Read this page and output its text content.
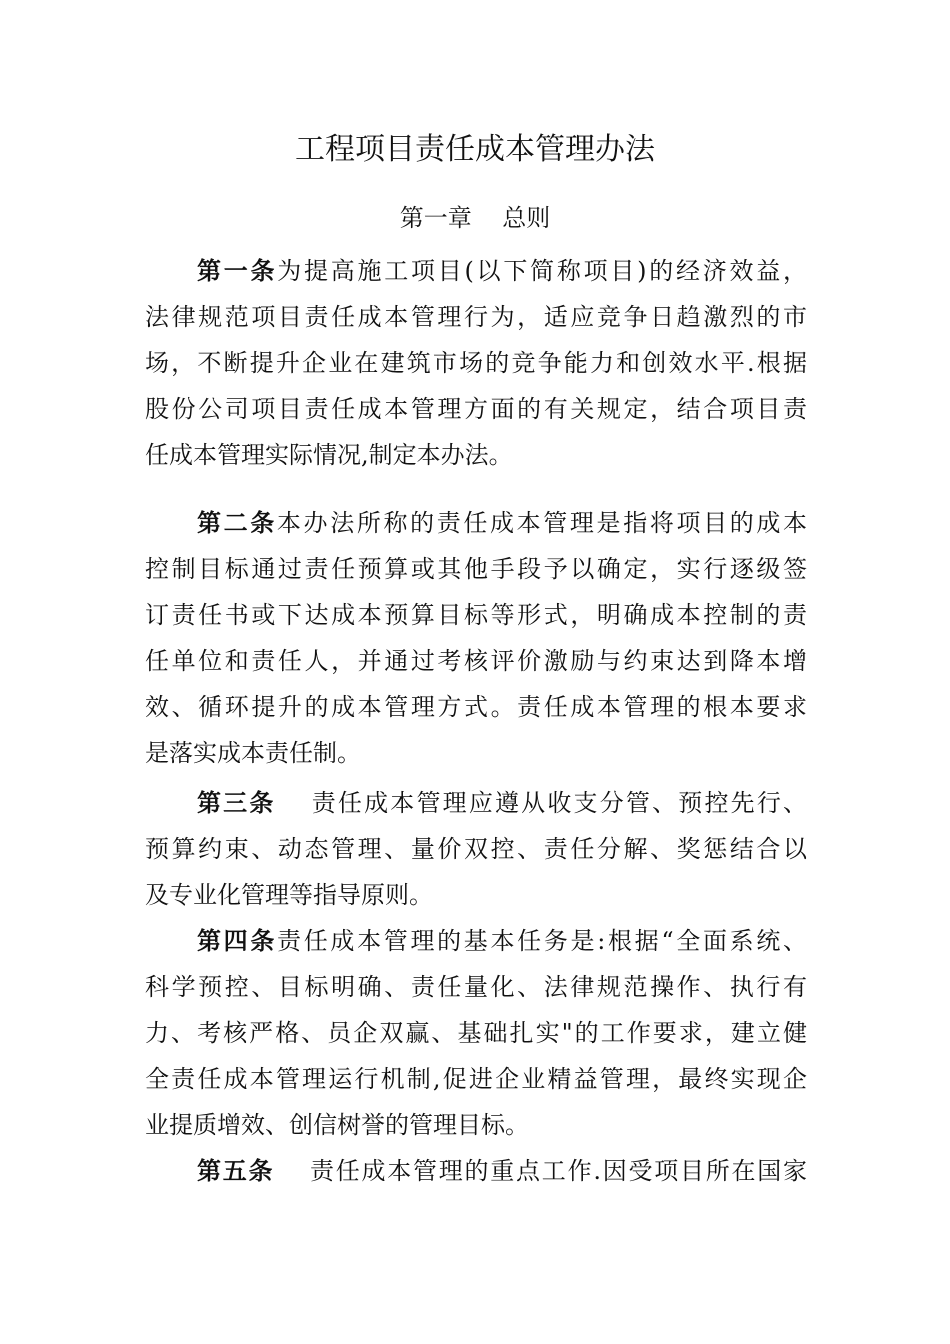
工程项目责任成本管理办法
第一章    总则
第一条为提高施工项目(以下简称项目)的经济效益，
法律规范项目责任成本管理行为，适应竞争日趋激烈的市
场，不断提升企业在建筑市场的竞争能力和创效水平.根据
股份公司项目责任成本管理方面的有关规定，结合项目责
任成本管理实际情况,制定本办法。
第二条本办法所称的责任成本管理是指将项目的成本
控制目标通过责任预算或其他手段予以确定，实行逐级签
订责任书或下达成本预算目标等形式，明确成本控制的责
任单位和责任人，并通过考核评价激励与约束达到降本增
效、循环提升的成本管理方式。责任成本管理的根本要求
是落实成本责任制。
第三条 责任成本管理应遵从收支分管、预控先行、
预算约束、动态管理、量价双控、责任分解、奖惩结合以
及专业化管理等指导原则。
第四条责任成本管理的基本任务是:根据“全面系统、
科学预控、目标明确、责任量化、法律规范操作、执行有
力、考核严格、员企双赢、基础扎实"的工作要求，建立健
全责任成本管理运行机制,促进企业精益管理，最终实现企
业提质增效、创信树誉的管理目标。
第五条 责任成本管理的重点工作.因受项目所在国家
